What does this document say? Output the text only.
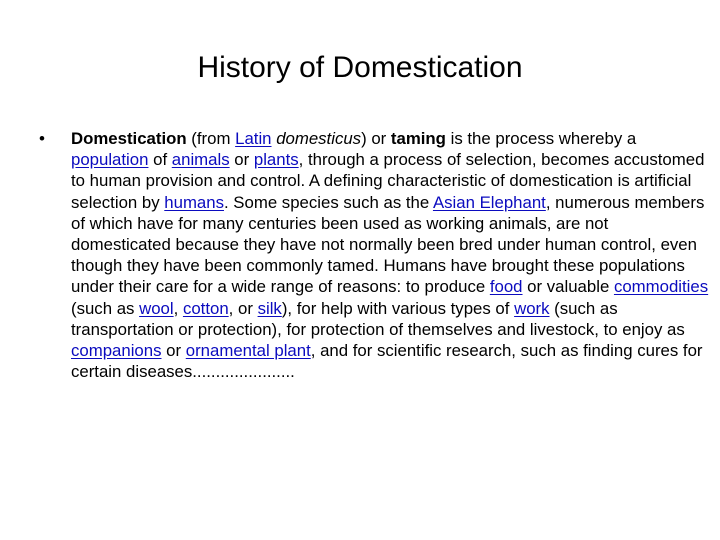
History of Domestication
• Domestication (from Latin domesticus) or taming is the process whereby a population of animals or plants, through a process of selection, becomes accustomed to human provision and control. A defining characteristic of domestication is artificial selection by humans. Some species such as the Asian Elephant, numerous members of which have for many centuries been used as working animals, are not domesticated because they have not normally been bred under human control, even though they have been commonly tamed. Humans have brought these populations under their care for a wide range of reasons: to produce food or valuable commodities (such as wool, cotton, or silk), for help with various types of work (such as transportation or protection), for protection of themselves and livestock, to enjoy as companions or ornamental plant, and for scientific research, such as finding cures for certain diseases......................
